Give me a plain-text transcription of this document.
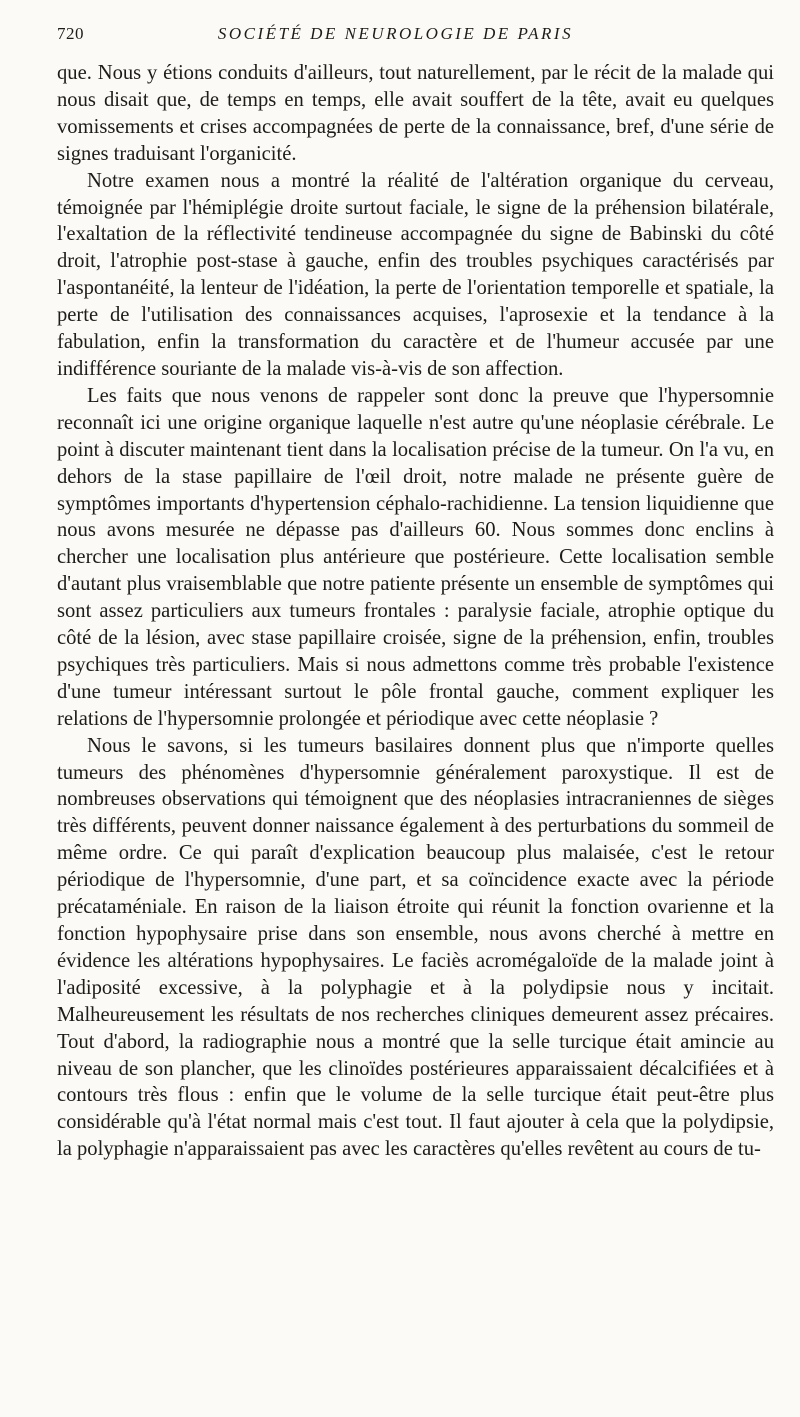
720	SOCIÉTÉ DE NEUROLOGIE DE PARIS

que. Nous y étions conduits d'ailleurs, tout naturellement, par le récit de la malade qui nous disait que, de temps en temps, elle avait souffert de la tête, avait eu quelques vomissements et crises accompagnées de perte de la connaissance, bref, d'une série de signes traduisant l'organicité.

Notre examen nous a montré la réalité de l'altération organique du cerveau, témoignée par l'hémiplégie droite surtout faciale, le signe de la préhension bilatérale, l'exaltation de la réflectivité tendineuse accompagnée du signe de Babinski du côté droit, l'atrophie post-stase à gauche, enfin des troubles psychiques caractérisés par l'aspontanéité, la lenteur de l'idéation, la perte de l'orientation temporelle et spatiale, la perte de l'utilisation des connaissances acquises, l'aprosexie et la tendance à la fabulation, enfin la transformation du caractère et de l'humeur accusée par une indifférence souriante de la malade vis-à-vis de son affection.

Les faits que nous venons de rappeler sont donc la preuve que l'hypersomnie reconnaît ici une origine organique laquelle n'est autre qu'une néoplasie cérébrale. Le point à discuter maintenant tient dans la localisation précise de la tumeur. On l'a vu, en dehors de la stase papillaire de l'œil droit, notre malade ne présente guère de symptômes importants d'hypertension céphalo-rachidienne. La tension liquidienne que nous avons mesurée ne dépasse pas d'ailleurs 60. Nous sommes donc enclins à chercher une localisation plus antérieure que postérieure. Cette localisation semble d'autant plus vraisemblable que notre patiente présente un ensemble de symptômes qui sont assez particuliers aux tumeurs frontales : paralysie faciale, atrophie optique du côté de la lésion, avec stase papillaire croisée, signe de la préhension, enfin, troubles psychiques très particuliers. Mais si nous admettons comme très probable l'existence d'une tumeur intéressant surtout le pôle frontal gauche, comment expliquer les relations de l'hypersomnie prolongée et périodique avec cette néoplasie ?

Nous le savons, si les tumeurs basilaires donnent plus que n'importe quelles tumeurs des phénomènes d'hypersomnie généralement paroxystique. Il est de nombreuses observations qui témoignent que des néoplasies intracraniennes de sièges très différents, peuvent donner naissance également à des perturbations du sommeil de même ordre. Ce qui paraît d'explication beaucoup plus malaisée, c'est le retour périodique de l'hypersomnie, d'une part, et sa coïncidence exacte avec la période précataméniale. En raison de la liaison étroite qui réunit la fonction ovarienne et la fonction hypophysaire prise dans son ensemble, nous avons cherché à mettre en évidence les altérations hypophysaires. Le faciès acromégaloïde de la malade joint à l'adiposité excessive, à la polyphagie et à la polydipsie nous y incitait. Malheureusement les résultats de nos recherches cliniques demeurent assez précaires. Tout d'abord, la radiographie nous a montré que la selle turcique était amincie au niveau de son plancher, que les clinoïdes postérieures apparaissaient décalcifiées et à contours très flous : enfin que le volume de la selle turcique était peut-être plus considérable qu'à l'état normal mais c'est tout. Il faut ajouter à cela que la polydipsie, la polyphagie n'apparaissaient pas avec les caractères qu'elles revêtent au cours de tu-
